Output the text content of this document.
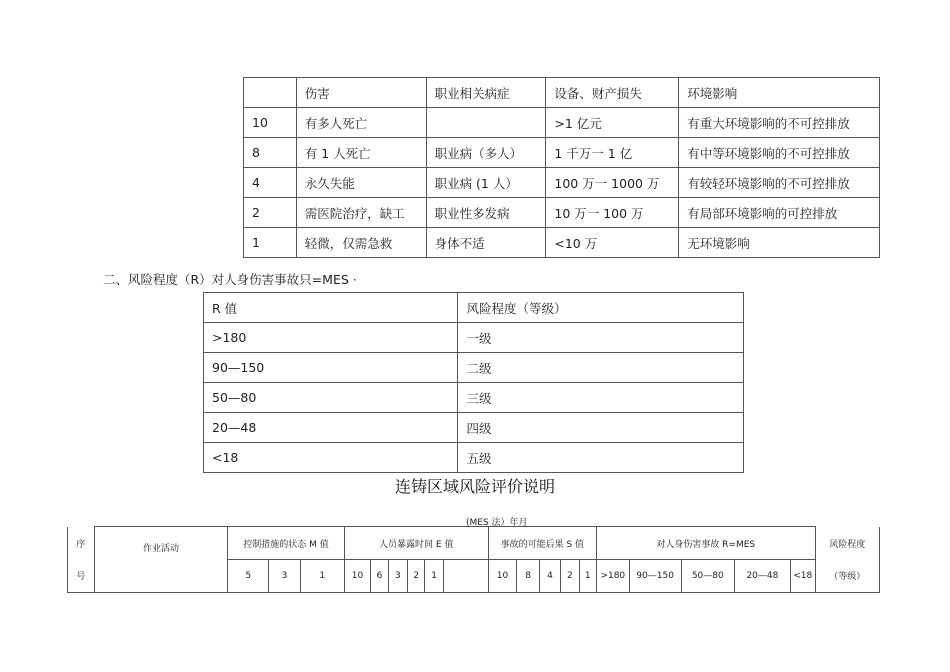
	伤害	职业相关病症	设备、财产损失	环境影响
10	有多人死亡		>1 亿元	有重大环境影响的不可控排放
8	有 1 人死亡	职业病（多人）	1 千万一 1 亿	有中等环境影响的不可控排放
4	永久失能	职业病 (1 人）	100 万一 1000 万	有较轻环境影响的不可控排放
2	需医院治疗，缺工	职业性多发病	10 万一 100 万	有局部环境影响的可控排放
1	轻微，仅需急救	身体不适	<10 万	无环境影响
二、风险程度（R）对人身伤害事故只=MES ·
R 值	风险程度（等级）
>180	一级
90—150	二级
50—80	三级
20—48	四级
<18	五级
连铸区域风险评价说明
(MES 法）年月
序	作业活动	控制措施的状态 M 值			人员暴露时间 E 值						事故的可能后果 S 值					对人身伤害事故 R=MES					风险程度
号		5	3	1	10	6	3	2	1		10	8	4	2	1	>180	90—150	50—80	20—48	<18	（等级）
